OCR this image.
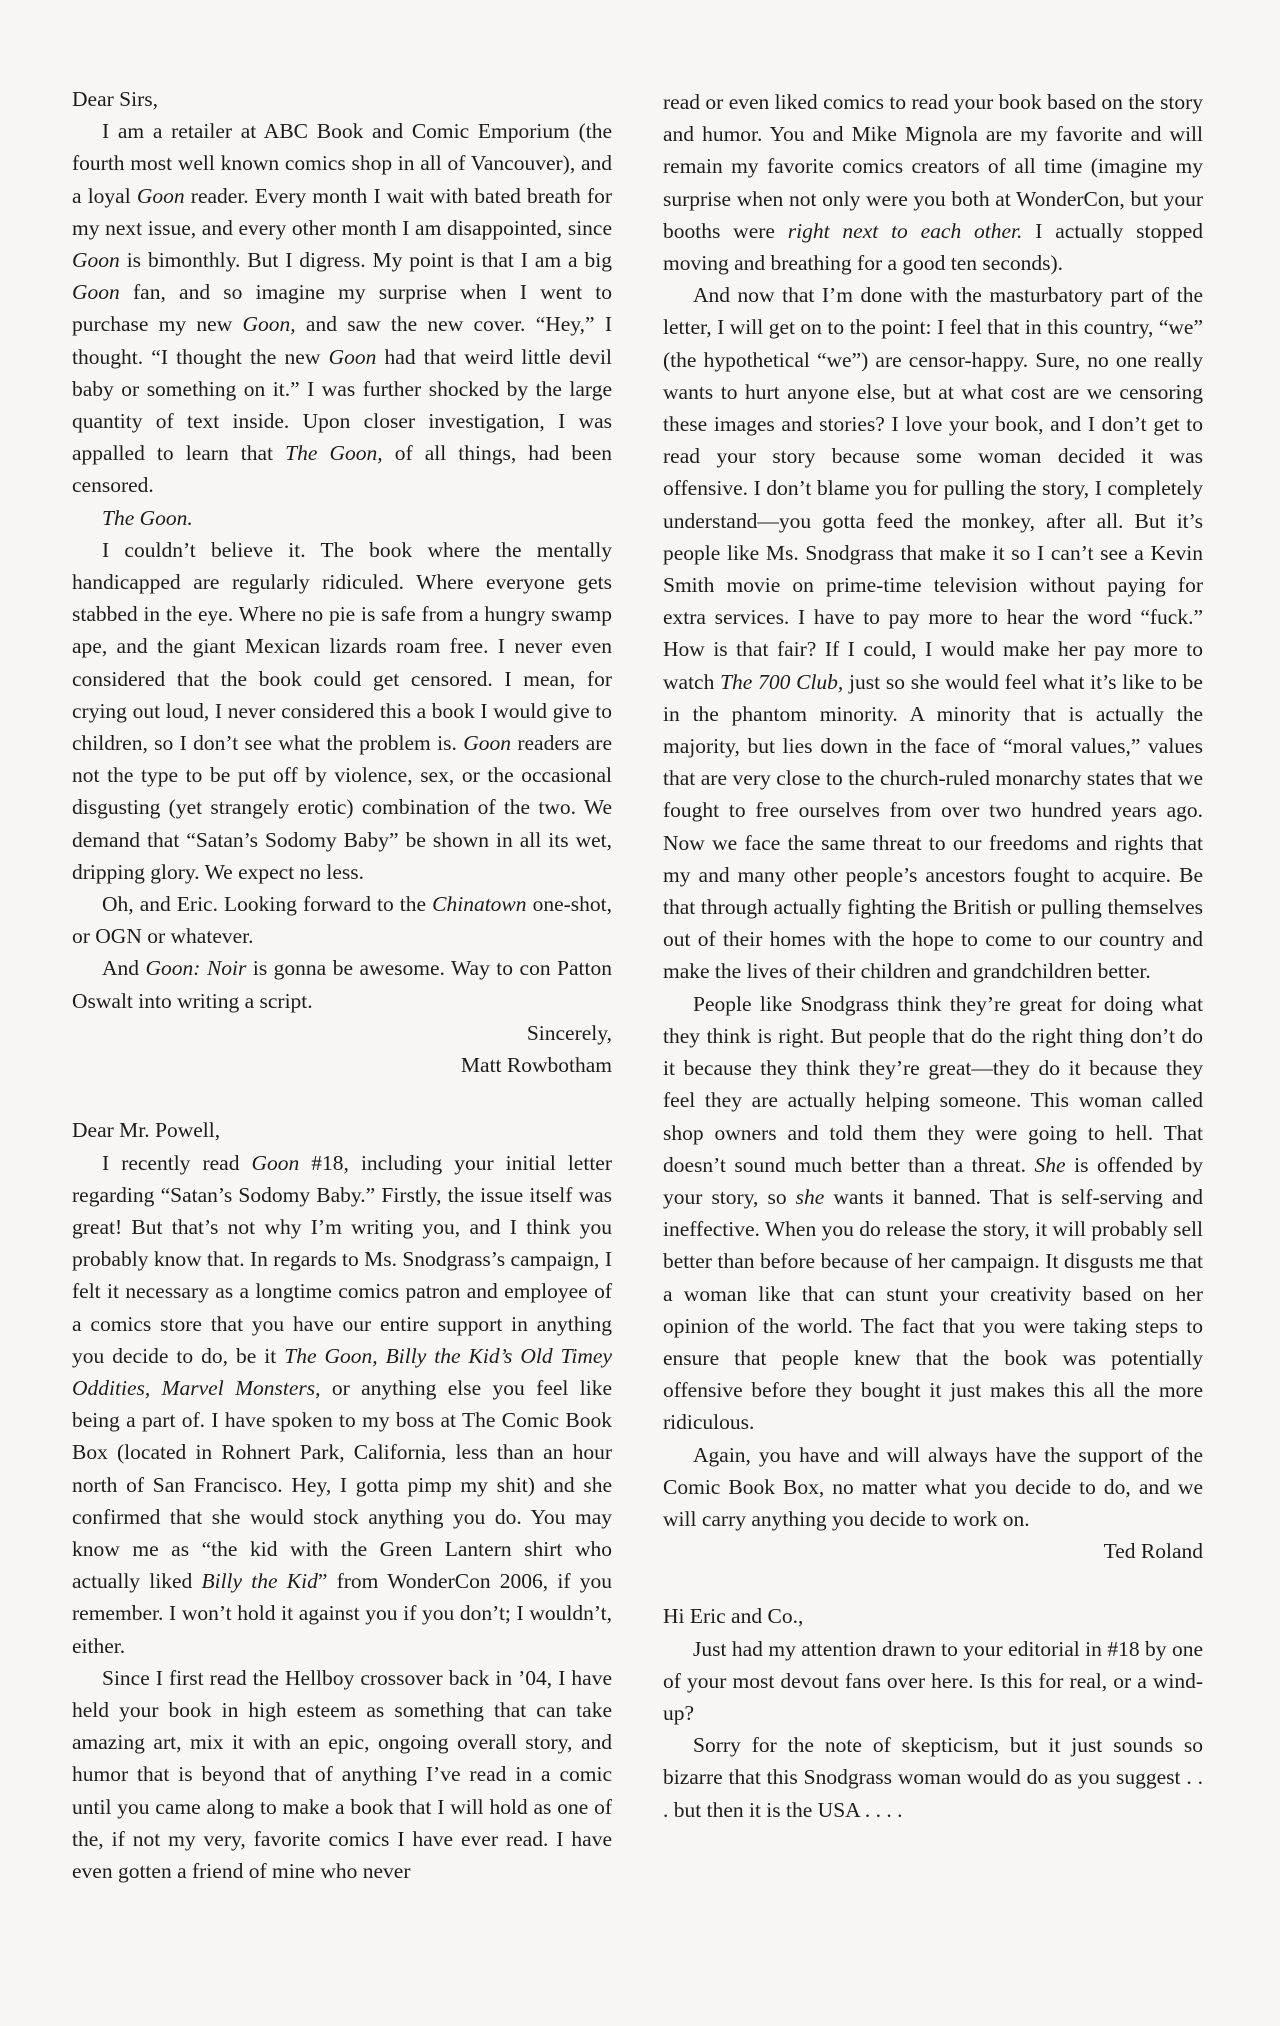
Dear Sirs,

I am a retailer at ABC Book and Comic Emporium (the fourth most well known comics shop in all of Vancouver), and a loyal Goon reader. Every month I wait with bated breath for my next issue, and every other month I am disappointed, since Goon is bimonthly. But I digress. My point is that I am a big Goon fan, and so imagine my surprise when I went to purchase my new Goon, and saw the new cover. “Hey,” I thought. “I thought the new Goon had that weird little devil baby or something on it.” I was further shocked by the large quantity of text inside. Upon closer investigation, I was appalled to learn that The Goon, of all things, had been censored.

The Goon.

I couldn’t believe it. The book where the mentally handicapped are regularly ridiculed. Where everyone gets stabbed in the eye. Where no pie is safe from a hungry swamp ape, and the giant Mexican lizards roam free. I never even considered that the book could get censored. I mean, for crying out loud, I never considered this a book I would give to children, so I don’t see what the problem is. Goon readers are not the type to be put off by violence, sex, or the occasional disgusting (yet strangely erotic) combination of the two. We demand that “Satan’s Sodomy Baby” be shown in all its wet, dripping glory. We expect no less.

Oh, and Eric. Looking forward to the Chinatown one-shot, or OGN or whatever.

And Goon: Noir is gonna be awesome. Way to con Patton Oswalt into writing a script.

Sincerely,

Matt Rowbotham

Dear Mr. Powell,

I recently read Goon #18, including your initial letter regarding “Satan’s Sodomy Baby.” Firstly, the issue itself was great! But that’s not why I’m writing you, and I think you probably know that. In regards to Ms. Snodgrass’s campaign, I felt it necessary as a longtime comics patron and employee of a comics store that you have our entire support in anything you decide to do, be it The Goon, Billy the Kid’s Old Timey Oddities, Marvel Monsters, or anything else you feel like being a part of. I have spoken to my boss at The Comic Book Box (located in Rohnert Park, California, less than an hour north of San Francisco. Hey, I gotta pimp my shit) and she confirmed that she would stock anything you do. You may know me as “the kid with the Green Lantern shirt who actually liked Billy the Kid” from WonderCon 2006, if you remember. I won’t hold it against you if you don’t; I wouldn’t, either.

Since I first read the Hellboy crossover back in ’04, I have held your book in high esteem as something that can take amazing art, mix it with an epic, ongoing overall story, and humor that is beyond that of anything I’ve read in a comic until you came along to make a book that I will hold as one of the, if not my very, favorite comics I have ever read. I have even gotten a friend of mine who never

read or even liked comics to read your book based on the story and humor. You and Mike Mignola are my favorite and will remain my favorite comics creators of all time (imagine my surprise when not only were you both at WonderCon, but your booths were right next to each other. I actually stopped moving and breathing for a good ten seconds).

And now that I’m done with the masturbatory part of the letter, I will get on to the point: I feel that in this country, “we” (the hypothetical “we”) are censor-happy. Sure, no one really wants to hurt anyone else, but at what cost are we censoring these images and stories? I love your book, and I don’t get to read your story because some woman decided it was offensive. I don’t blame you for pulling the story, I completely understand—you gotta feed the monkey, after all. But it’s people like Ms. Snodgrass that make it so I can’t see a Kevin Smith movie on prime-time television without paying for extra services. I have to pay more to hear the word “fuck.” How is that fair? If I could, I would make her pay more to watch The 700 Club, just so she would feel what it’s like to be in the phantom minority. A minority that is actually the majority, but lies down in the face of “moral values,” values that are very close to the church-ruled monarchy states that we fought to free ourselves from over two hundred years ago. Now we face the same threat to our freedoms and rights that my and many other people’s ancestors fought to acquire. Be that through actually fighting the British or pulling themselves out of their homes with the hope to come to our country and make the lives of their children and grandchildren better.

People like Snodgrass think they’re great for doing what they think is right. But people that do the right thing don’t do it because they think they’re great—they do it because they feel they are actually helping someone. This woman called shop owners and told them they were going to hell. That doesn’t sound much better than a threat. She is offended by your story, so she wants it banned. That is self-serving and ineffective. When you do release the story, it will probably sell better than before because of her campaign. It disgusts me that a woman like that can stunt your creativity based on her opinion of the world. The fact that you were taking steps to ensure that people knew that the book was potentially offensive before they bought it just makes this all the more ridiculous.

Again, you have and will always have the support of the Comic Book Box, no matter what you decide to do, and we will carry anything you decide to work on.

Ted Roland

Hi Eric and Co.,

Just had my attention drawn to your editorial in #18 by one of your most devout fans over here. Is this for real, or a wind-up?

Sorry for the note of skepticism, but it just sounds so bizarre that this Snodgrass woman would do as you suggest . . . but then it is the USA . . . .
